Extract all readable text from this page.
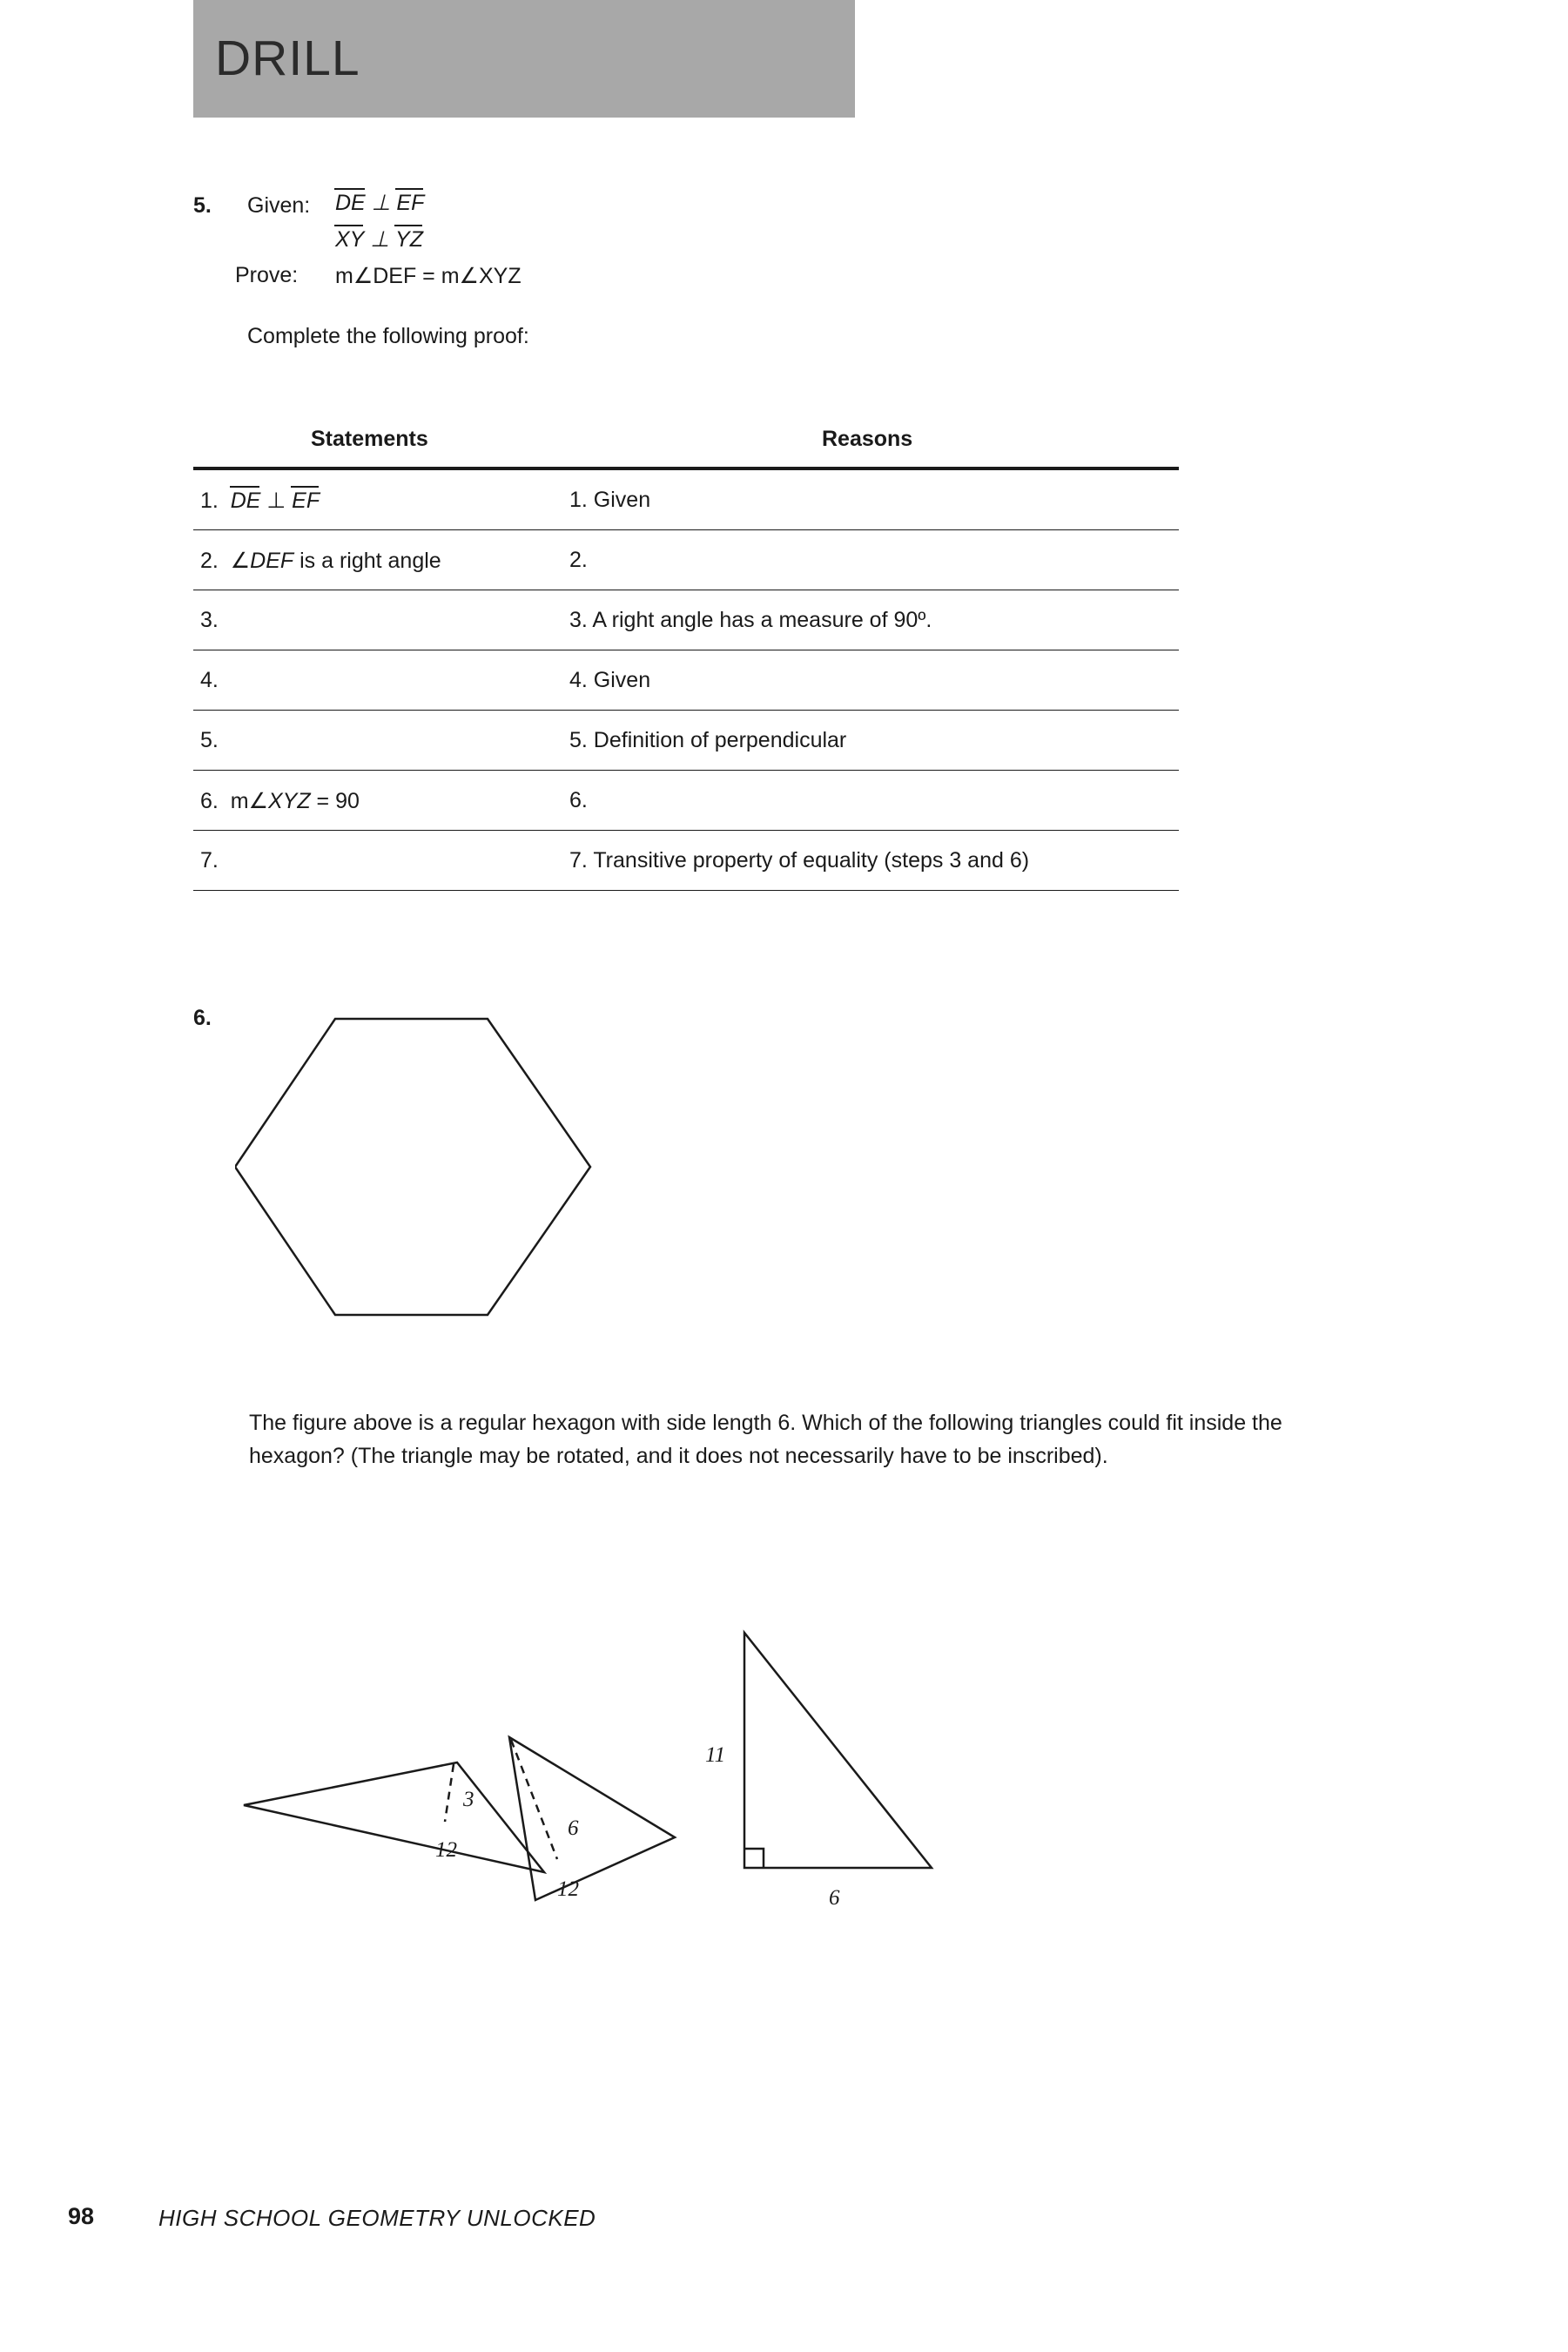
DRILL
5. Given: DE ⊥ EF
XY ⊥ YZ
Prove: m∠DEF = m∠XYZ
Complete the following proof:
Statements	Reasons
1.  DE ⊥ EF	1. Given
2.  ∠DEF is a right angle	2.
3.	3. A right angle has a measure of 90º.
4.	4. Given
5.	5. Definition of perpendicular
6.  m∠XYZ = 90	6.
7.	7. Transitive property of equality (steps 3 and 6)
6.
The figure above is a regular hexagon with side length 6. Which of the following triangles could fit inside the hexagon? (The triangle may be rotated, and it does not necessarily have to be inscribed).
3
12
6
12
11
6
98	HIGH SCHOOL GEOMETRY UNLOCKED
